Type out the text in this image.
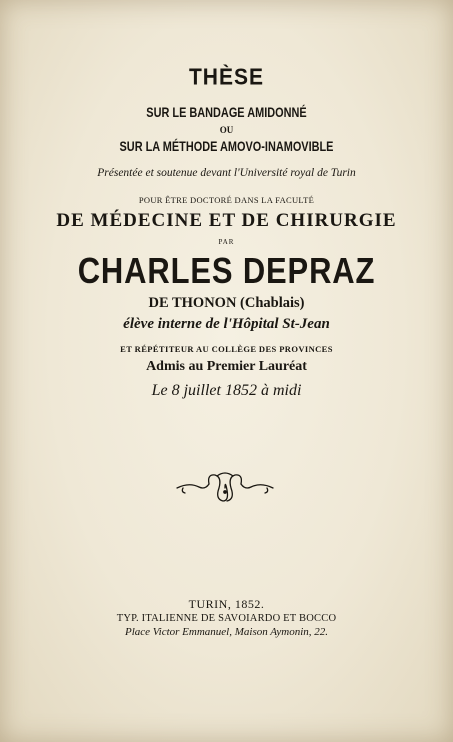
THÈSE
SUR LE BANDAGE AMIDONNÉ
OU
SUR LA MÉTHODE AMOVO-INAMOVIBLE
Présentée et soutenue devant l'Université royal de Turin
POUR ÊTRE DOCTORÉ DANS LA FACULTÉ
DE MÉDECINE ET DE CHIRURGIE
PAR
CHARLES DEPRAZ
DE THONON (Chablais)
élève interne de l'Hôpital St-Jean
ET RÉPÉTITEUR AU COLLÈGE DES PROVINCES
Admis au Premier Lauréat
Le 8 juillet 1852 à midi
TURIN, 1852.
TYP. ITALIENNE DE SAVOIARDO ET BOCCO
Place Victor Emmanuel, Maison Aymonin, 22.
